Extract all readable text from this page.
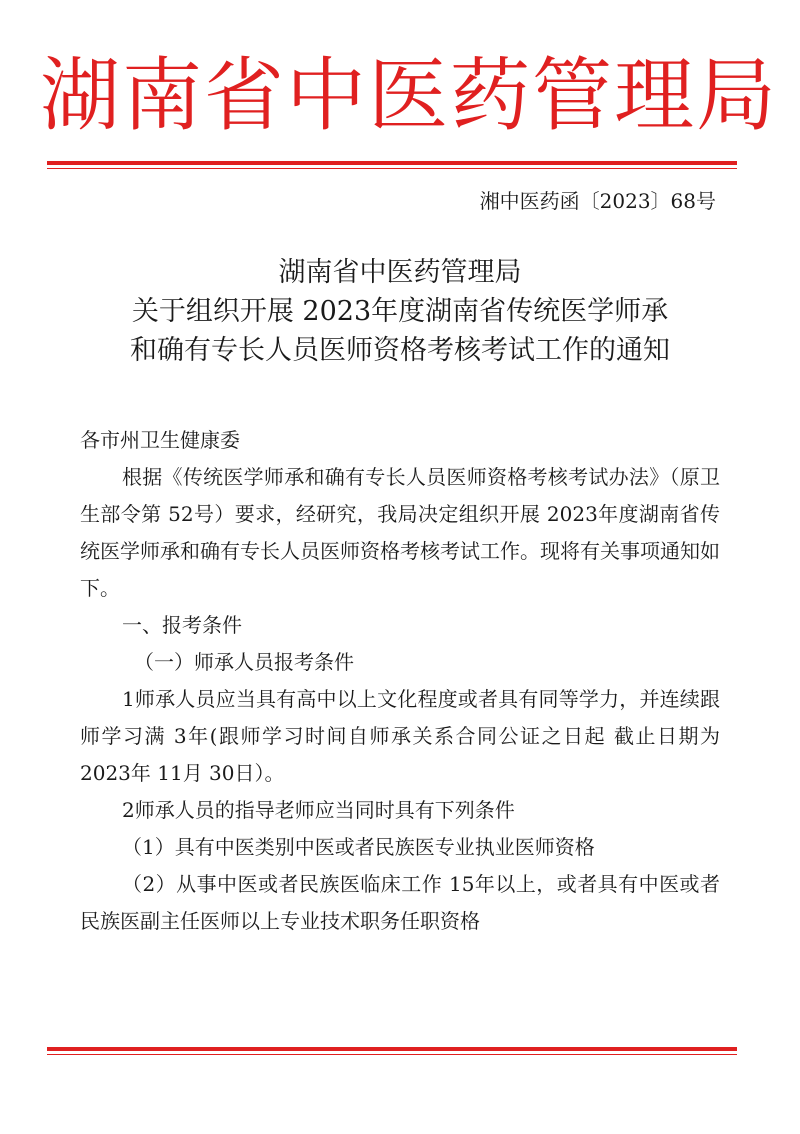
湖南省中医药管理局
湘中医药函〔2023〕68号
湖南省中医药管理局
关于组织开展 2023年度湖南省传统医学师承
和确有专长人员医师资格考核考试工作的通知

各市州卫生健康委

根据《传统医学师承和确有专长人员医师资格考核考试办法》（原卫生部令第 52号）要求，经研究，我局决定组织开展 2023年度湖南省传统医学师承和确有专长人员医师资格考核考试工作。现将有关事项通知如下。

一、报考条件

（一）师承人员报考条件

1师承人员应当具有高中以上文化程度或者具有同等学力，并连续跟师学习满 3年(跟师学习时间自师承关系合同公证之日起 截止日期为 2023年 11月 30日）。

2师承人员的指导老师应当同时具有下列条件

（1）具有中医类别中医或者民族医专业执业医师资格

（2）从事中医或者民族医临床工作 15年以上，或者具有中医或者民族医副主任医师以上专业技术职务任职资格
